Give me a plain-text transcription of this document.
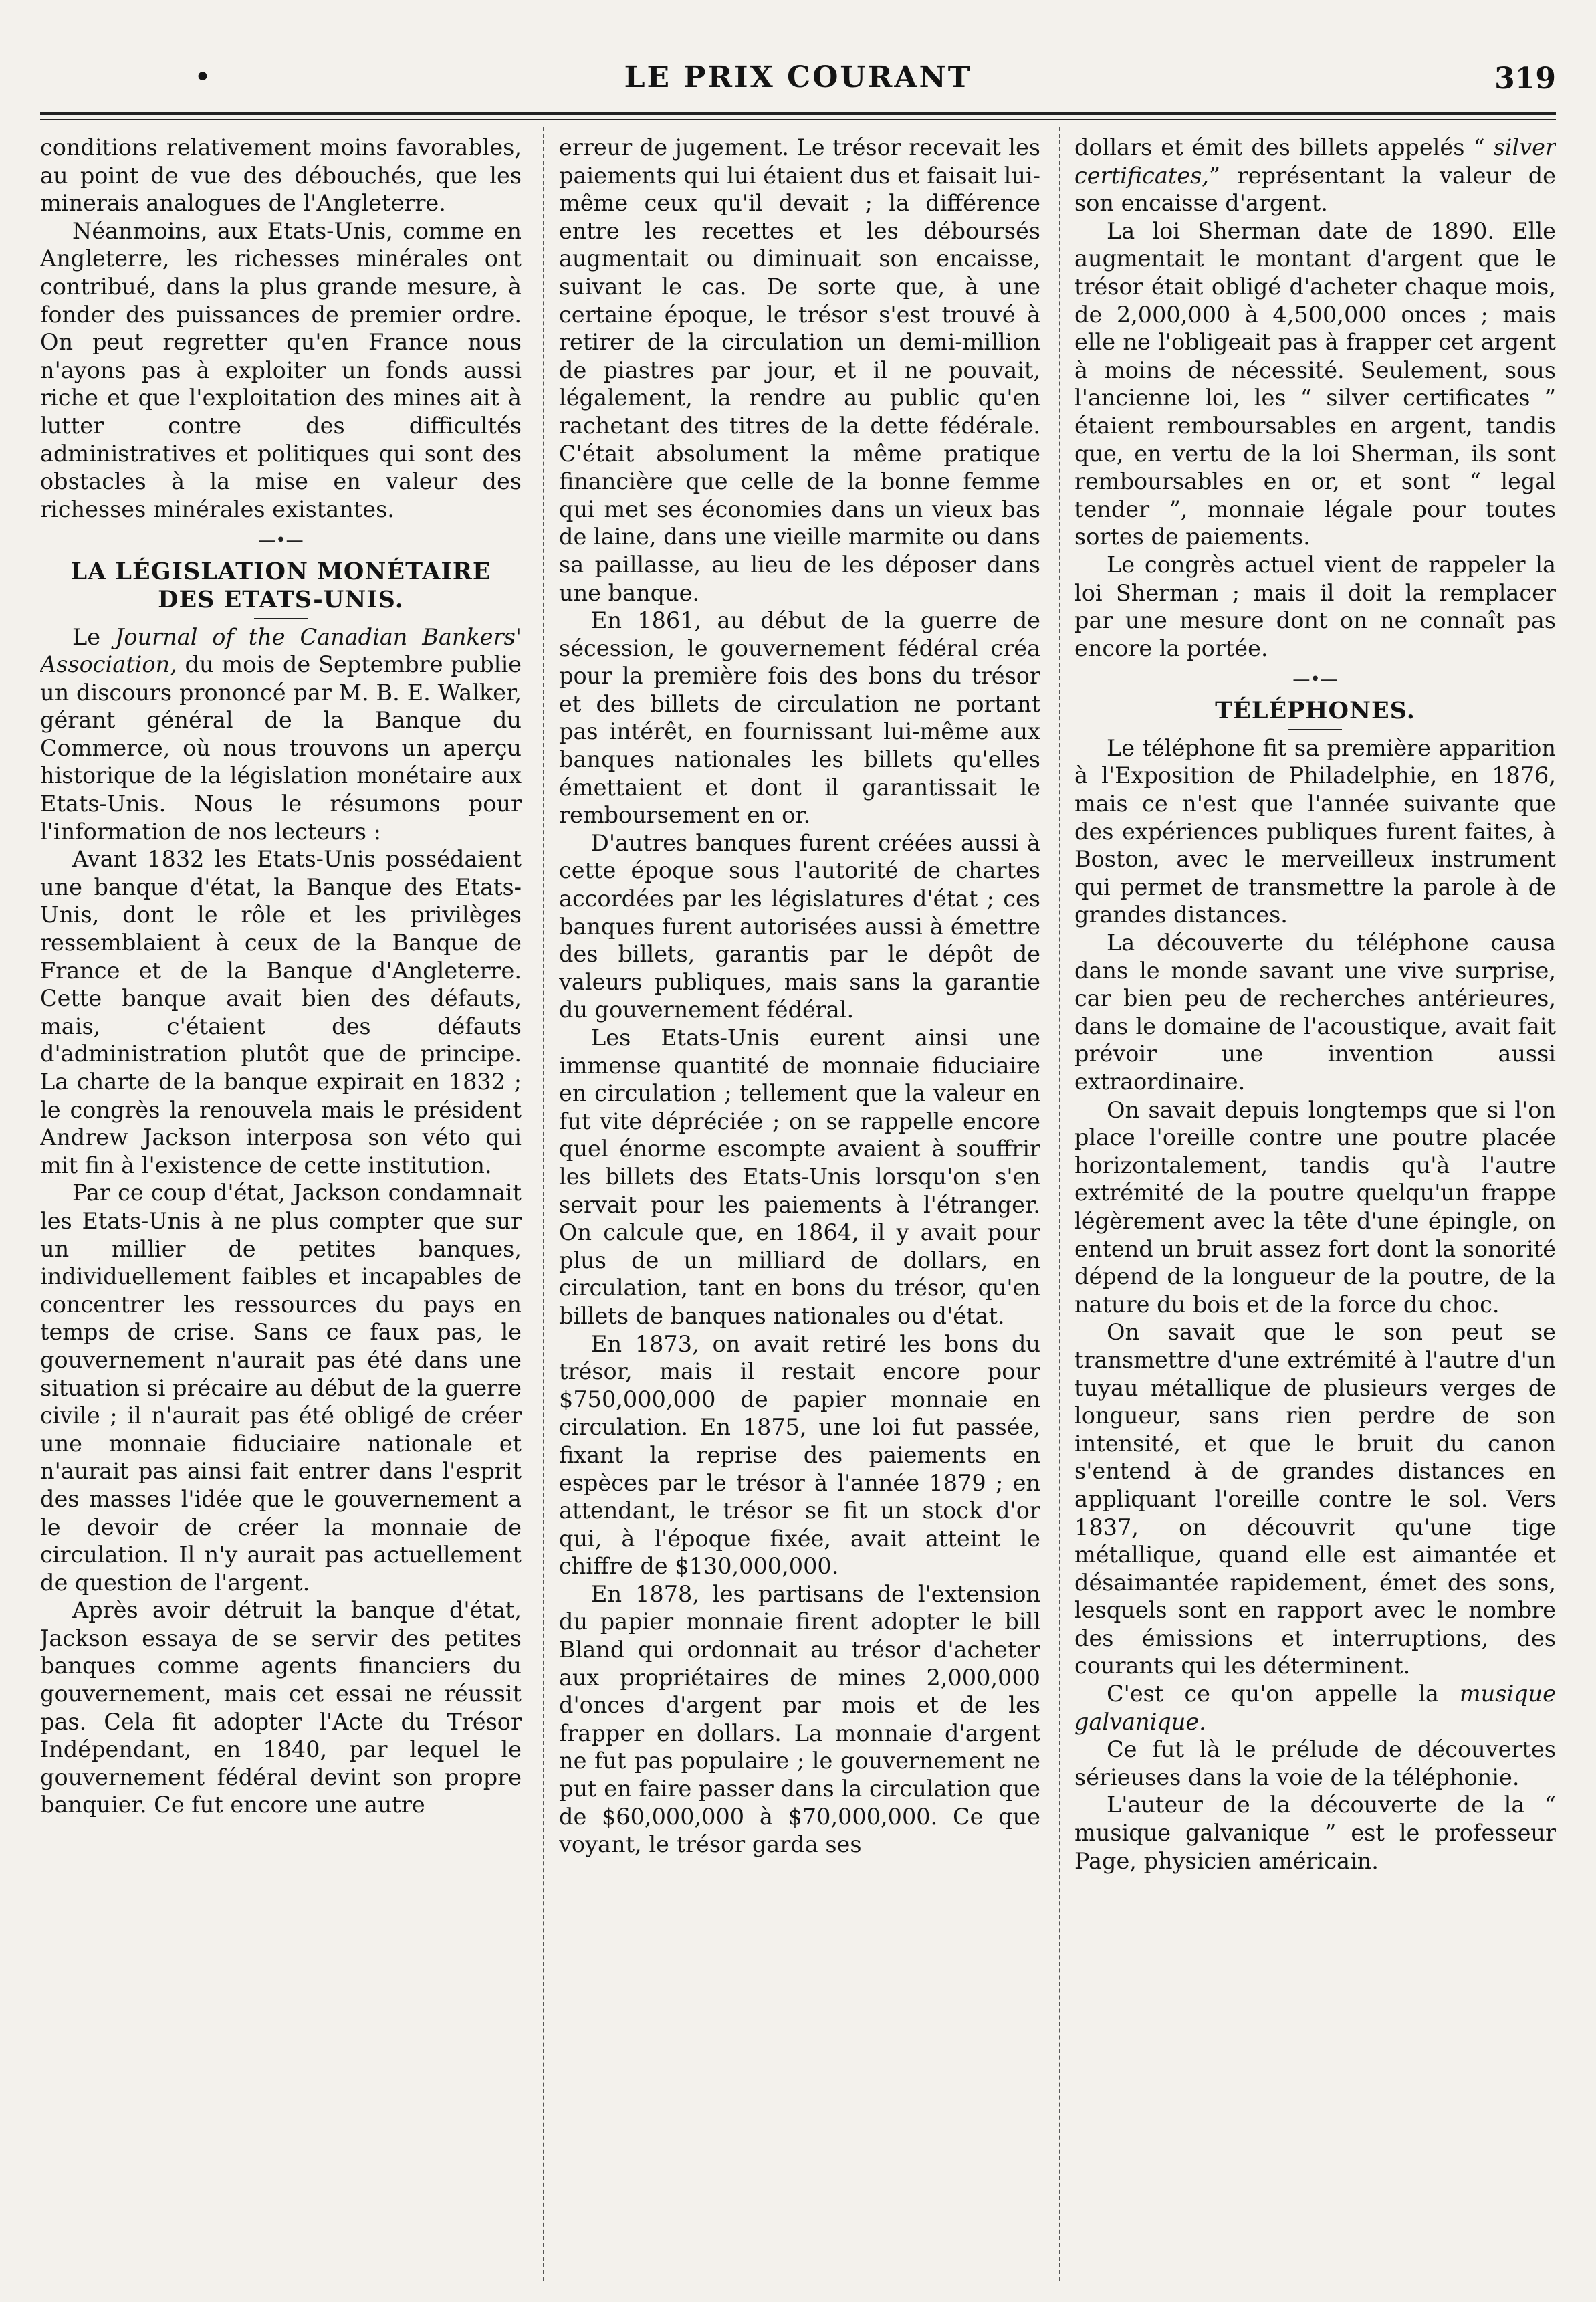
•	LE PRIX COURANT	319

conditions relativement moins favorables, au point de vue des débouchés, que les minerais analogues de l'Angleterre.

Néanmoins, aux Etats-Unis, comme en Angleterre, les richesses minérales ont contribué, dans la plus grande mesure, à fonder des puissances de premier ordre. On peut regretter qu'en France nous n'ayons pas à exploiter un fonds aussi riche et que l'exploitation des mines ait à lutter contre des difficultés administratives et politiques qui sont des obstacles à la mise en valeur des richesses minérales existantes.

—•—

LA LÉGISLATION MONÉTAIRE

DES ETATS-UNIS.

Le Journal of the Canadian Bankers' Association, du mois de Septembre publie un discours prononcé par M. B. E. Walker, gérant général de la Banque du Commerce, où nous trouvons un aperçu historique de la législation monétaire aux Etats-Unis. Nous le résumons pour l'information de nos lecteurs :

Avant 1832 les Etats-Unis possédaient une banque d'état, la Banque des Etats-Unis, dont le rôle et les privilèges ressemblaient à ceux de la Banque de France et de la Banque d'Angleterre. Cette banque avait bien des défauts, mais, c'étaient des défauts d'administration plutôt que de principe. La charte de la banque expirait en 1832 ; le congrès la renouvela mais le président Andrew Jackson interposa son véto qui mit fin à l'existence de cette institution.

Par ce coup d'état, Jackson condamnait les Etats-Unis à ne plus compter que sur un millier de petites banques, individuellement faibles et incapables de concentrer les ressources du pays en temps de crise. Sans ce faux pas, le gouvernement n'aurait pas été dans une situation si précaire au début de la guerre civile ; il n'aurait pas été obligé de créer une monnaie fiduciaire nationale et n'aurait pas ainsi fait entrer dans l'esprit des masses l'idée que le gouvernement a le devoir de créer la monnaie de circulation. Il n'y aurait pas actuellement de question de l'argent.

Après avoir détruit la banque d'état, Jackson essaya de se servir des petites banques comme agents financiers du gouvernement, mais cet essai ne réussit pas. Cela fit adopter l'Acte du Trésor Indépendant, en 1840, par lequel le gouvernement fédéral devint son propre banquier. Ce fut encore une autre

erreur de jugement. Le trésor recevait les paiements qui lui étaient dus et faisait lui-même ceux qu'il devait ; la différence entre les recettes et les déboursés augmentait ou diminuait son encaisse, suivant le cas. De sorte que, à une certaine époque, le trésor s'est trouvé à retirer de la circulation un demi-million de piastres par jour, et il ne pouvait, légalement, la rendre au public qu'en rachetant des titres de la dette fédérale. C'était absolument la même pratique financière que celle de la bonne femme qui met ses économies dans un vieux bas de laine, dans une vieille marmite ou dans sa paillasse, au lieu de les déposer dans une banque.

En 1861, au début de la guerre de sécession, le gouvernement fédéral créa pour la première fois des bons du trésor et des billets de circulation ne portant pas intérêt, en fournissant lui-même aux banques nationales les billets qu'elles émettaient et dont il garantissait le remboursement en or.

D'autres banques furent créées aussi à cette époque sous l'autorité de chartes accordées par les législatures d'état ; ces banques furent autorisées aussi à émettre des billets, garantis par le dépôt de valeurs publiques, mais sans la garantie du gouvernement fédéral.

Les Etats-Unis eurent ainsi une immense quantité de monnaie fiduciaire en circulation ; tellement que la valeur en fut vite dépréciée ; on se rappelle encore quel énorme escompte avaient à souffrir les billets des Etats-Unis lorsqu'on s'en servait pour les paiements à l'étranger. On calcule que, en 1864, il y avait pour plus de un milliard de dollars, en circulation, tant en bons du trésor, qu'en billets de banques nationales ou d'état.

En 1873, on avait retiré les bons du trésor, mais il restait encore pour $750,000,000 de papier monnaie en circulation. En 1875, une loi fut passée, fixant la reprise des paiements en espèces par le trésor à l'année 1879 ; en attendant, le trésor se fit un stock d'or qui, à l'époque fixée, avait atteint le chiffre de $130,000,000.

En 1878, les partisans de l'extension du papier monnaie firent adopter le bill Bland qui ordonnait au trésor d'acheter aux propriétaires de mines 2,000,000 d'onces d'argent par mois et de les frapper en dollars. La monnaie d'argent ne fut pas populaire ; le gouvernement ne put en faire passer dans la circulation que de $60,000,000 à $70,000,000. Ce que voyant, le trésor garda ses

dollars et émit des billets appelés “ silver certificates,” représentant la valeur de son encaisse d'argent.

La loi Sherman date de 1890. Elle augmentait le montant d'argent que le trésor était obligé d'acheter chaque mois, de 2,000,000 à 4,500,000 onces ; mais elle ne l'obligeait pas à frapper cet argent à moins de nécessité. Seulement, sous l'ancienne loi, les “ silver certificates ” étaient remboursables en argent, tandis que, en vertu de la loi Sherman, ils sont remboursables en or, et sont “ legal tender ”, monnaie légale pour toutes sortes de paiements.

Le congrès actuel vient de rappeler la loi Sherman ; mais il doit la remplacer par une mesure dont on ne connaît pas encore la portée.

—•—

TÉLÉPHONES.

Le téléphone fit sa première apparition à l'Exposition de Philadelphie, en 1876, mais ce n'est que l'année suivante que des expériences publiques furent faites, à Boston, avec le merveilleux instrument qui permet de transmettre la parole à de grandes distances.

La découverte du téléphone causa dans le monde savant une vive surprise, car bien peu de recherches antérieures, dans le domaine de l'acoustique, avait fait prévoir une invention aussi extraordinaire.

On savait depuis longtemps que si l'on place l'oreille contre une poutre placée horizontalement, tandis qu'à l'autre extrémité de la poutre quelqu'un frappe légèrement avec la tête d'une épingle, on entend un bruit assez fort dont la sonorité dépend de la longueur de la poutre, de la nature du bois et de la force du choc.

On savait que le son peut se transmettre d'une extrémité à l'autre d'un tuyau métallique de plusieurs verges de longueur, sans rien perdre de son intensité, et que le bruit du canon s'entend à de grandes distances en appliquant l'oreille contre le sol. Vers 1837, on découvrit qu'une tige métallique, quand elle est aimantée et désaimantée rapidement, émet des sons, lesquels sont en rapport avec le nombre des émissions et interruptions, des courants qui les déterminent.

C'est ce qu'on appelle la musique galvanique.

Ce fut là le prélude de découvertes sérieuses dans la voie de la téléphonie.

L'auteur de la découverte de la “ musique galvanique ” est le professeur Page, physicien américain.
